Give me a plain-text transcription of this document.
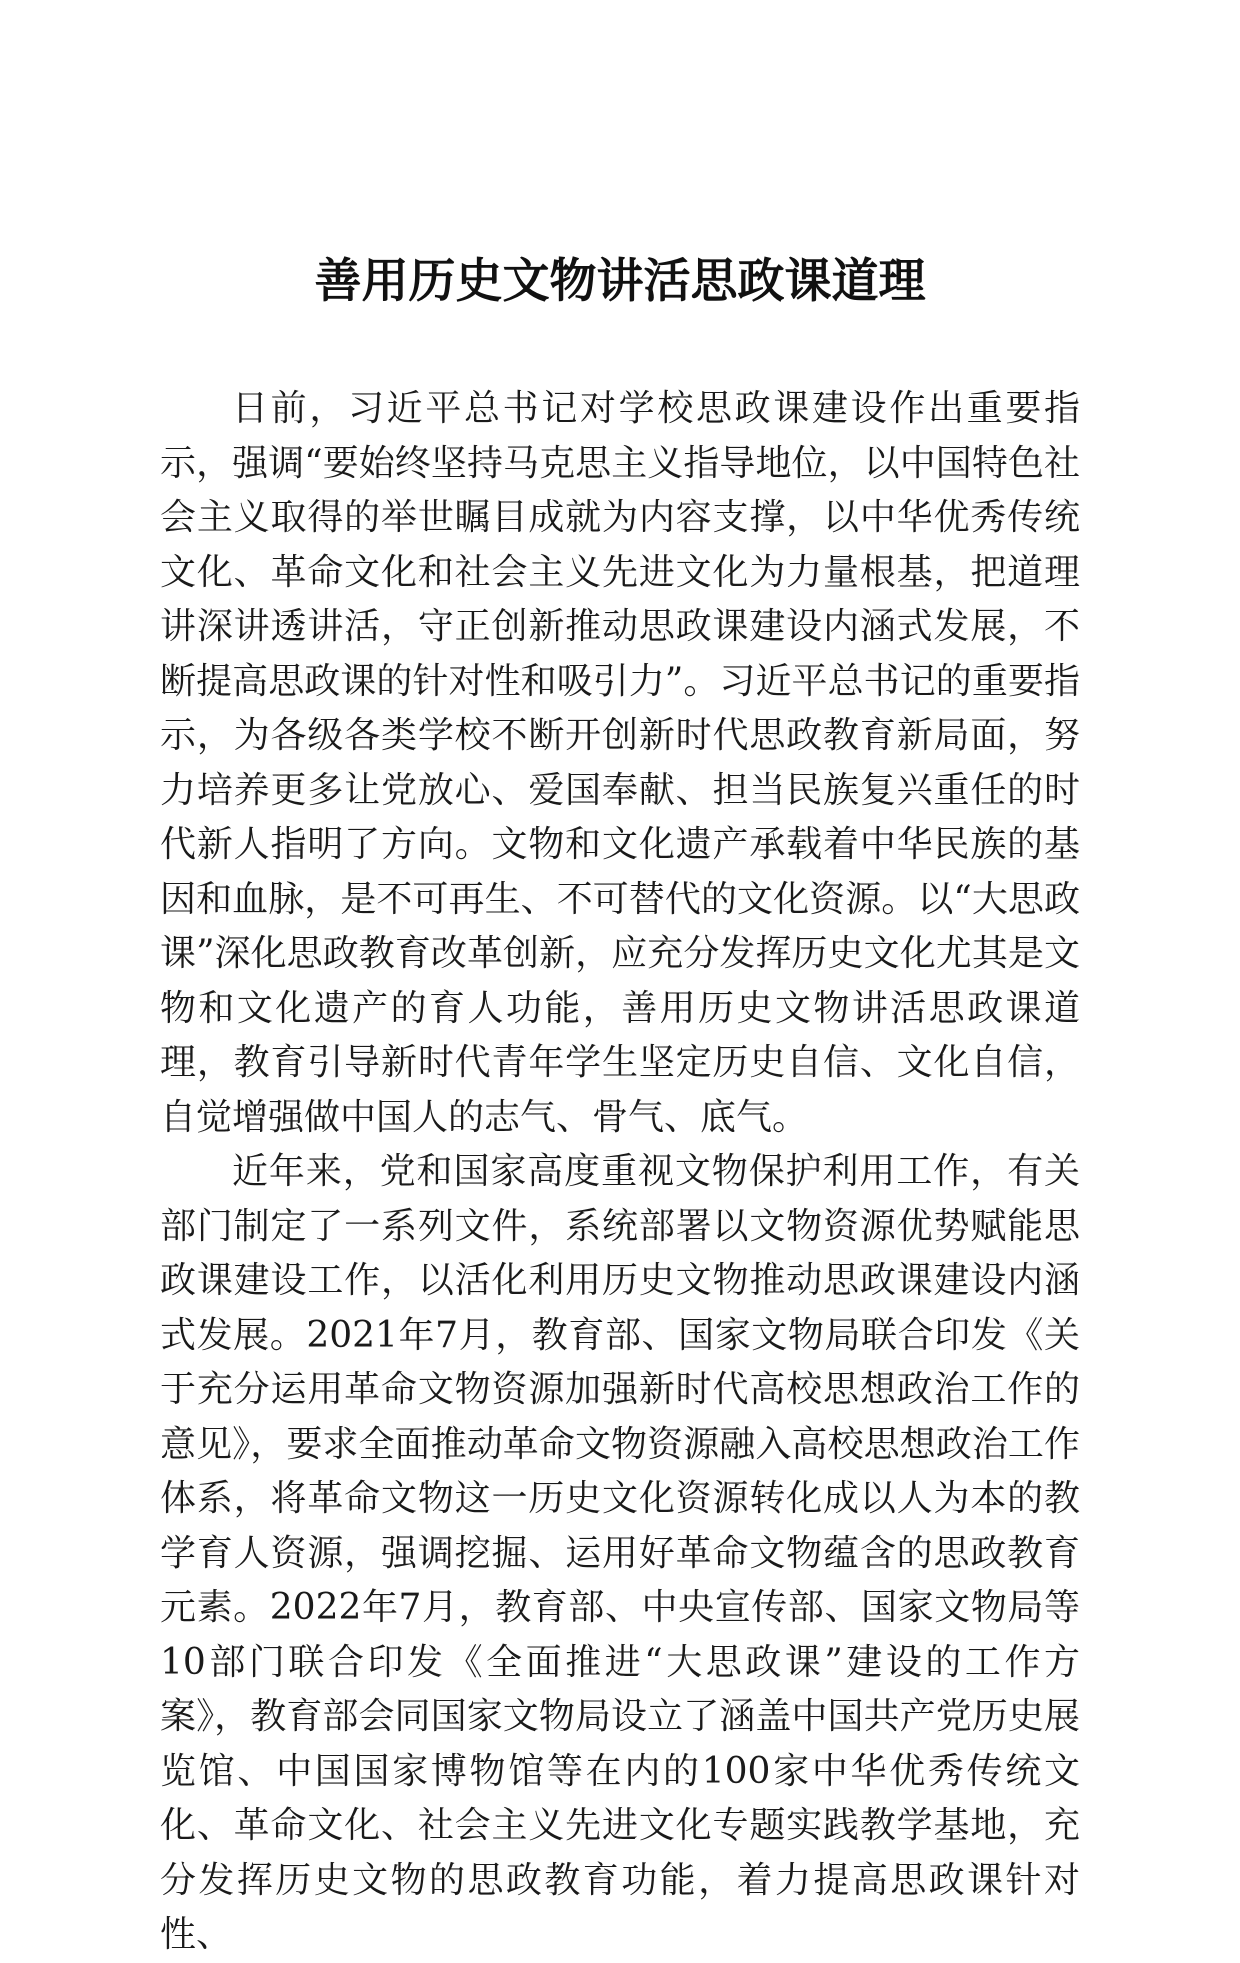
善用历史文物讲活思政课道理

日前，习近平总书记对学校思政课建设作出重要指示，强调“要始终坚持马克思主义指导地位，以中国特色社会主义取得的举世瞩目成就为内容支撑，以中华优秀传统文化、革命文化和社会主义先进文化为力量根基，把道理讲深讲透讲活，守正创新推动思政课建设内涵式发展，不断提高思政课的针对性和吸引力”。习近平总书记的重要指示，为各级各类学校不断开创新时代思政教育新局面，努力培养更多让党放心、爱国奉献、担当民族复兴重任的时代新人指明了方向。文物和文化遗产承载着中华民族的基因和血脉，是不可再生、不可替代的文化资源。以“大思政课”深化思政教育改革创新，应充分发挥历史文化尤其是文物和文化遗产的育人功能，善用历史文物讲活思政课道理，教育引导新时代青年学生坚定历史自信、文化自信，自觉增强做中国人的志气、骨气、底气。

近年来，党和国家高度重视文物保护利用工作，有关部门制定了一系列文件，系统部署以文物资源优势赋能思政课建设工作，以活化利用历史文物推动思政课建设内涵式发展。2021年7月，教育部、国家文物局联合印发《关于充分运用革命文物资源加强新时代高校思想政治工作的意见》，要求全面推动革命文物资源融入高校思想政治工作体系，将革命文物这一历史文化资源转化成以人为本的教学育人资源，强调挖掘、运用好革命文物蕴含的思政教育元素。2022年7月，教育部、中央宣传部、国家文物局等10部门联合印发《全面推进“大思政课”建设的工作方案》，教育部会同国家文物局设立了涵盖中国共产党历史展览馆、中国国家博物馆等在内的100家中华优秀传统文化、革命文化、社会主义先进文化专题实践教学基地，充分发挥历史文物的思政教育功能，着力提高思政课针对性、
